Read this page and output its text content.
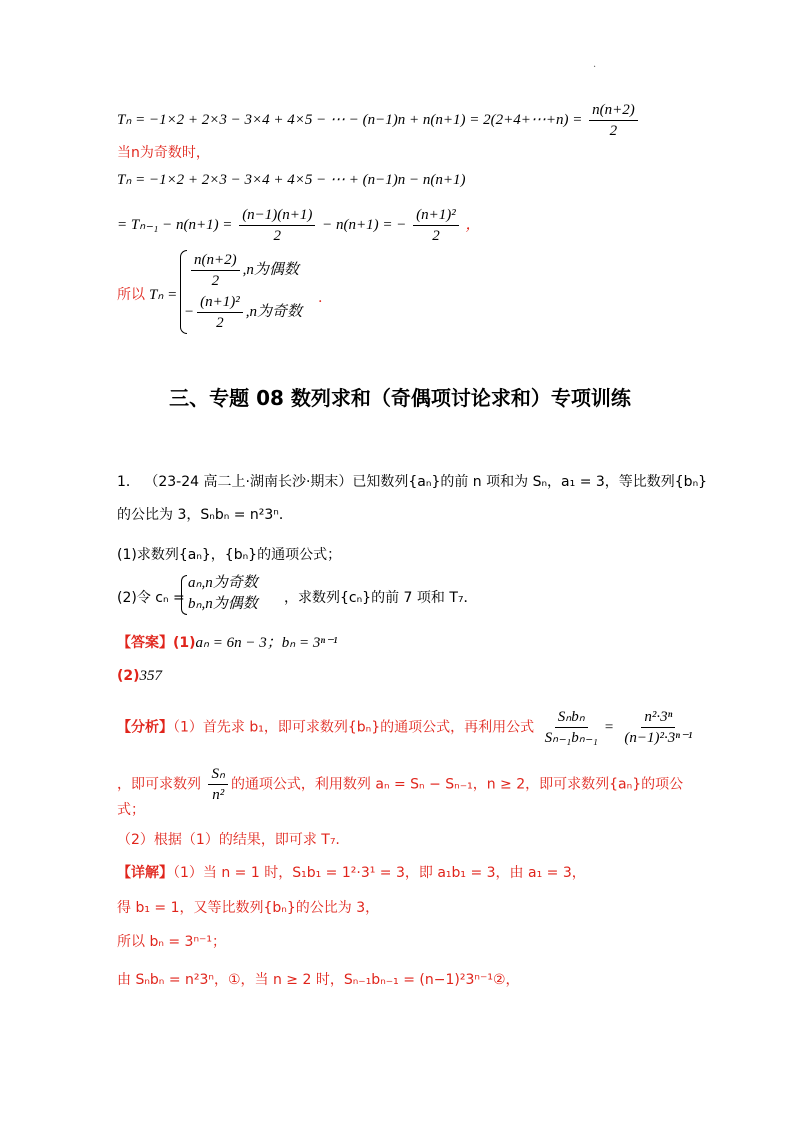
·
Tₙ = −1×2 + 2×3 − 3×4 + 4×5 − ⋯ − (n−1)n + n(n+1) = 2(2+4+⋯+n) = $\frac{n(n+2)}{2}$
当n为奇数时，
Tₙ = −1×2 + 2×3 − 3×4 + 4×5 − ⋯ + (n−1)n − n(n+1)
= $T_{n-1} - n(n+1) = \frac{(n-1)(n+1)}{2} - n(n+1)$ = − $\frac{\text{(n+1)²}}{2}$ ，
所以 Tₙ =
$\frac{n(n+2)}{2} ,n$为偶数
− $\frac{\text{(n+1)²}}{2} ,n$为奇数
.
三、专题 08 数列求和（奇偶项讨论求和）专项训练
1． （23-24 高二上·湖南长沙·期末）已知数列{aₙ}的前 n 项和为 Sₙ，a₁ = 3，等比数列{bₙ}
的公比为 3，Sₙbₙ = n²3ⁿ．
(1)求数列{aₙ}，{bₙ}的通项公式；
(2)令 cₙ =
aₙ,n为奇数
bₙ,n为偶数 ，求数列{cₙ}的前 7 项和 T₇．
【答案】(1)aₙ = 6n − 3；bₙ = 3ⁿ⁻¹
(2)357
【分析】（1）首先求 b₁，即可求数列{bₙ}的通项公式，再利用公式 $\frac{\text{Sₙbₙ}}{\text{Sₙ₋₁bₙ₋₁}} = \frac{\text{n²·3ⁿ}}{\text{(n−1)²·3ⁿ⁻¹}}$
，即可求数列 $\frac{\text{Sₙ}}{\text{n²}}$ 的通项公式，利用数列 aₙ = Sₙ − Sₙ₋₁，n ≥ 2，即可求数列{aₙ}的项公
式；
（2）根据（1）的结果，即可求 T₇.
【详解】（1）当 n = 1 时，S₁b₁ = 1²·3¹ = 3，即 a₁b₁ = 3，由 a₁ = 3，
得 b₁ = 1，又等比数列{bₙ}的公比为 3，
所以 bₙ = 3ⁿ⁻¹；
由 Sₙbₙ = n²3ⁿ，①，当 n ≥ 2 时，Sₙ₋₁bₙ₋₁ = (n−1)²3ⁿ⁻¹②，
